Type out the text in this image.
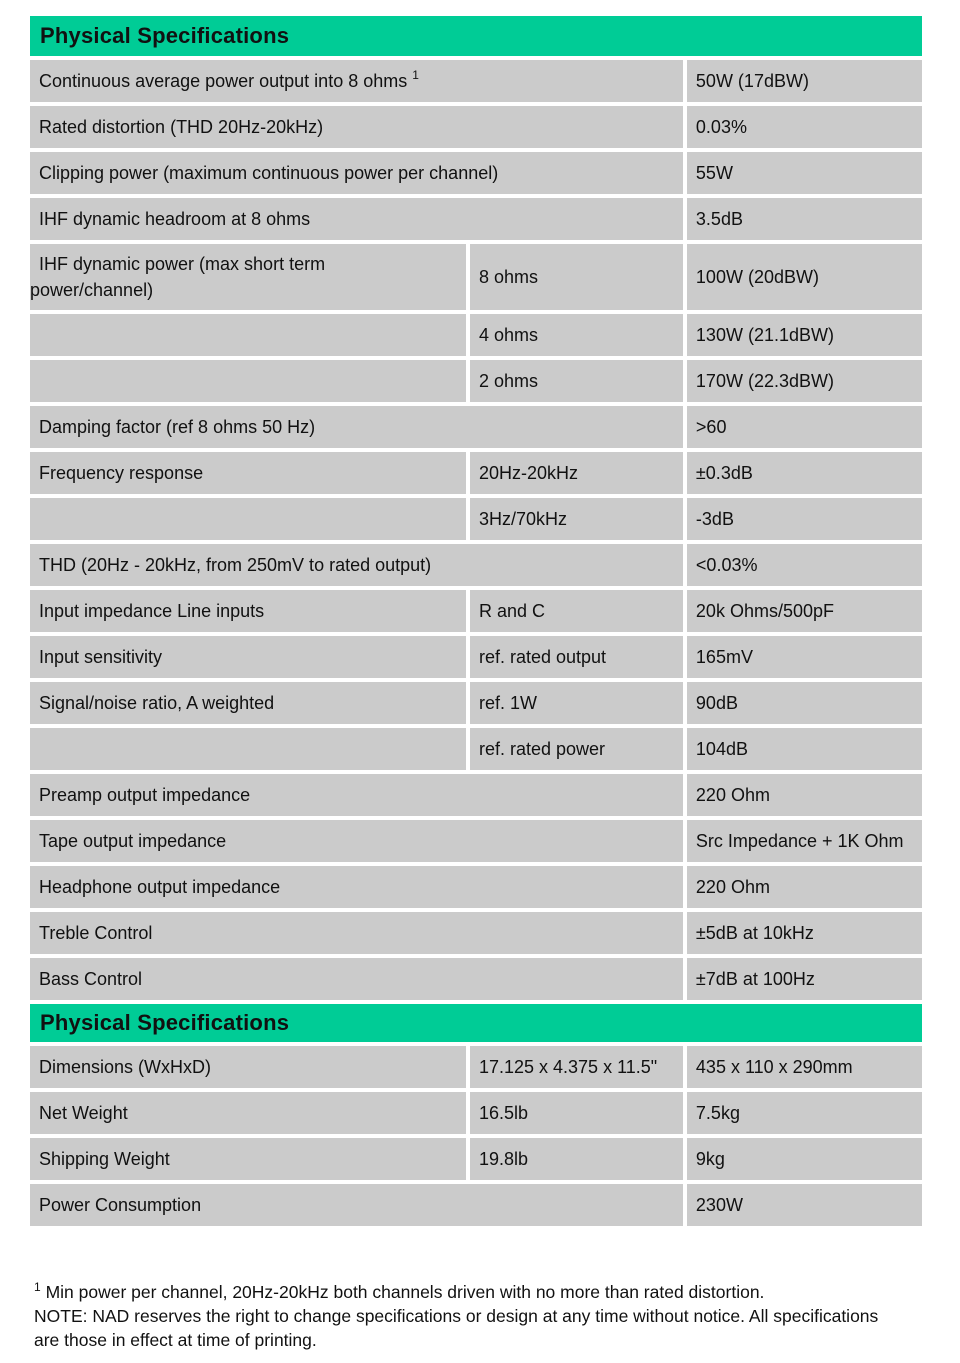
Physical Specifications		
Continuous average power output into 8 ohms $^1$		50W (17dBW)
Rated distortion (THD 20Hz-20kHz)		0.03%
Clipping power (maximum continuous power per channel)		55W
IHF dynamic headroom at 8 ohms		3.5dB
IHF dynamic power (max short term
power/channel)	8 ohms	100W (20dBW)
	4 ohms	130W (21.1dBW)
	2 ohms	170W (22.3dBW)
Damping factor (ref 8 ohms 50 Hz)		>60
Frequency response	20Hz-20kHz	±0.3dB
	3Hz/70kHz	-3dB
THD (20Hz - 20kHz, from 250mV to rated output)		<0.03%
Input impedance Line inputs	R and C	20k Ohms/500pF
Input sensitivity	ref. rated output	165mV
Signal/noise ratio, A weighted	ref. 1W	90dB
	ref. rated power	104dB
Preamp output impedance		220 Ohm
Tape output impedance		Src Impedance + 1K Ohm
Headphone output impedance		220 Ohm
Treble Control		±5dB at 10kHz
Bass Control		±7dB at 100Hz
Physical Specifications		
Dimensions (WxHxD)	17.125 x 4.375 x 11.5"	435 x 110 x 290mm
Net Weight	16.5lb	7.5kg
Shipping Weight	19.8lb	9kg
Power Consumption		230W
$^1$ Min power per channel, 20Hz-20kHz both channels driven with no more than rated distortion.
NOTE: NAD reserves the right to change specifications or design at any time without notice. All specifications are those in effect at time of printing.
